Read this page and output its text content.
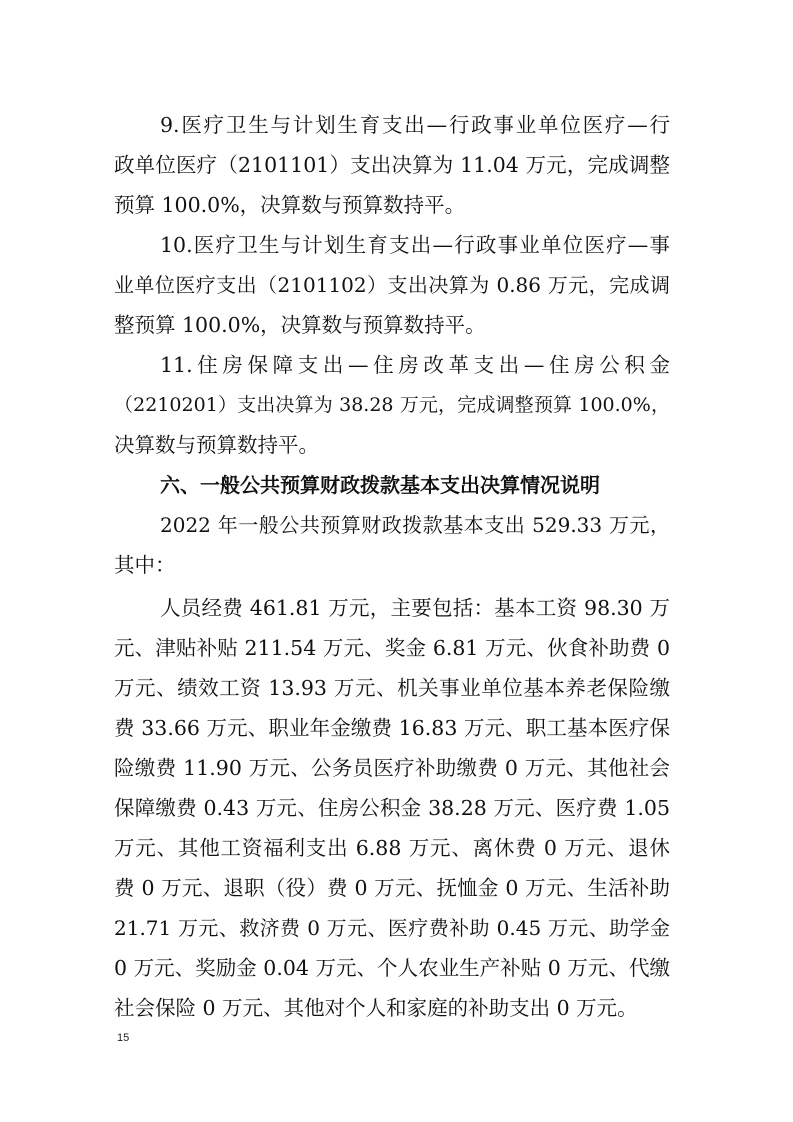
9.医疗卫生与计划生育支出—行政事业单位医疗—行
政单位医疗（2101101）支出决算为 11.04 万元，完成调整
预算 100.0%，决算数与预算数持平。
10.医疗卫生与计划生育支出—行政事业单位医疗—事
业单位医疗支出（2101102）支出决算为 0.86 万元，完成调
整预算 100.0%，决算数与预算数持平。
11.住房保障支出—住房改革支出—住房公积金
（2210201）支出决算为 38.28 万元，完成调整预算 100.0%，
决算数与预算数持平。
六、一般公共预算财政拨款基本支出决算情况说明
2022 年一般公共预算财政拨款基本支出 529.33 万元，
其中：
人员经费 461.81 万元，主要包括：基本工资 98.30 万
元、津贴补贴 211.54 万元、奖金 6.81 万元、伙食补助费 0
万元、绩效工资 13.93 万元、机关事业单位基本养老保险缴
费 33.66 万元、职业年金缴费 16.83 万元、职工基本医疗保
险缴费 11.90 万元、公务员医疗补助缴费 0 万元、其他社会
保障缴费 0.43 万元、住房公积金 38.28 万元、医疗费 1.05
万元、其他工资福利支出 6.88 万元、离休费 0 万元、退休
费 0 万元、退职（役）费 0 万元、抚恤金 0 万元、生活补助
21.71 万元、救济费 0 万元、医疗费补助 0.45 万元、助学金
0 万元、奖励金 0.04 万元、个人农业生产补贴 0 万元、代缴
社会保险 0 万元、其他对个人和家庭的补助支出 0 万元。
15
